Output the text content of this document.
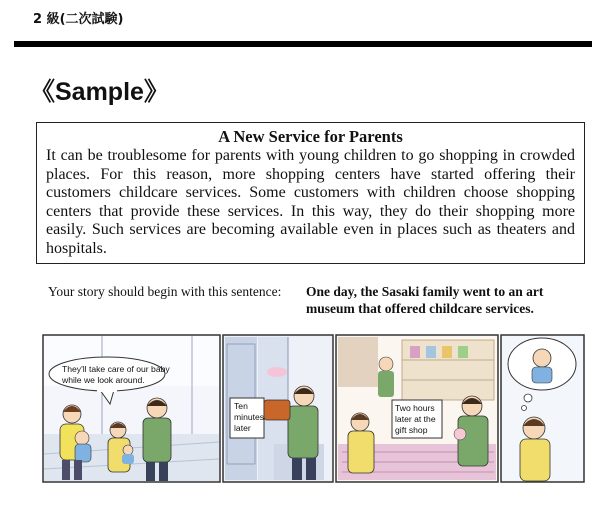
2 級(二次試験)
《Sample》
A New Service for Parents
It can be troublesome for parents with young children to go shopping in crowded places. For this reason, more shopping centers have started offering their customers childcare services. Some customers with children choose shopping centers that provide these services. In this way, they do their shopping more easily. Such services are becoming available even in places such as theaters and hospitals.
Your story should begin with this sentence: One day, the Sasaki family went to an art museum that offered childcare services.
They'll take care of our baby
while we look around.
Ten
minutes
later
Two hours
later at the
gift shop
